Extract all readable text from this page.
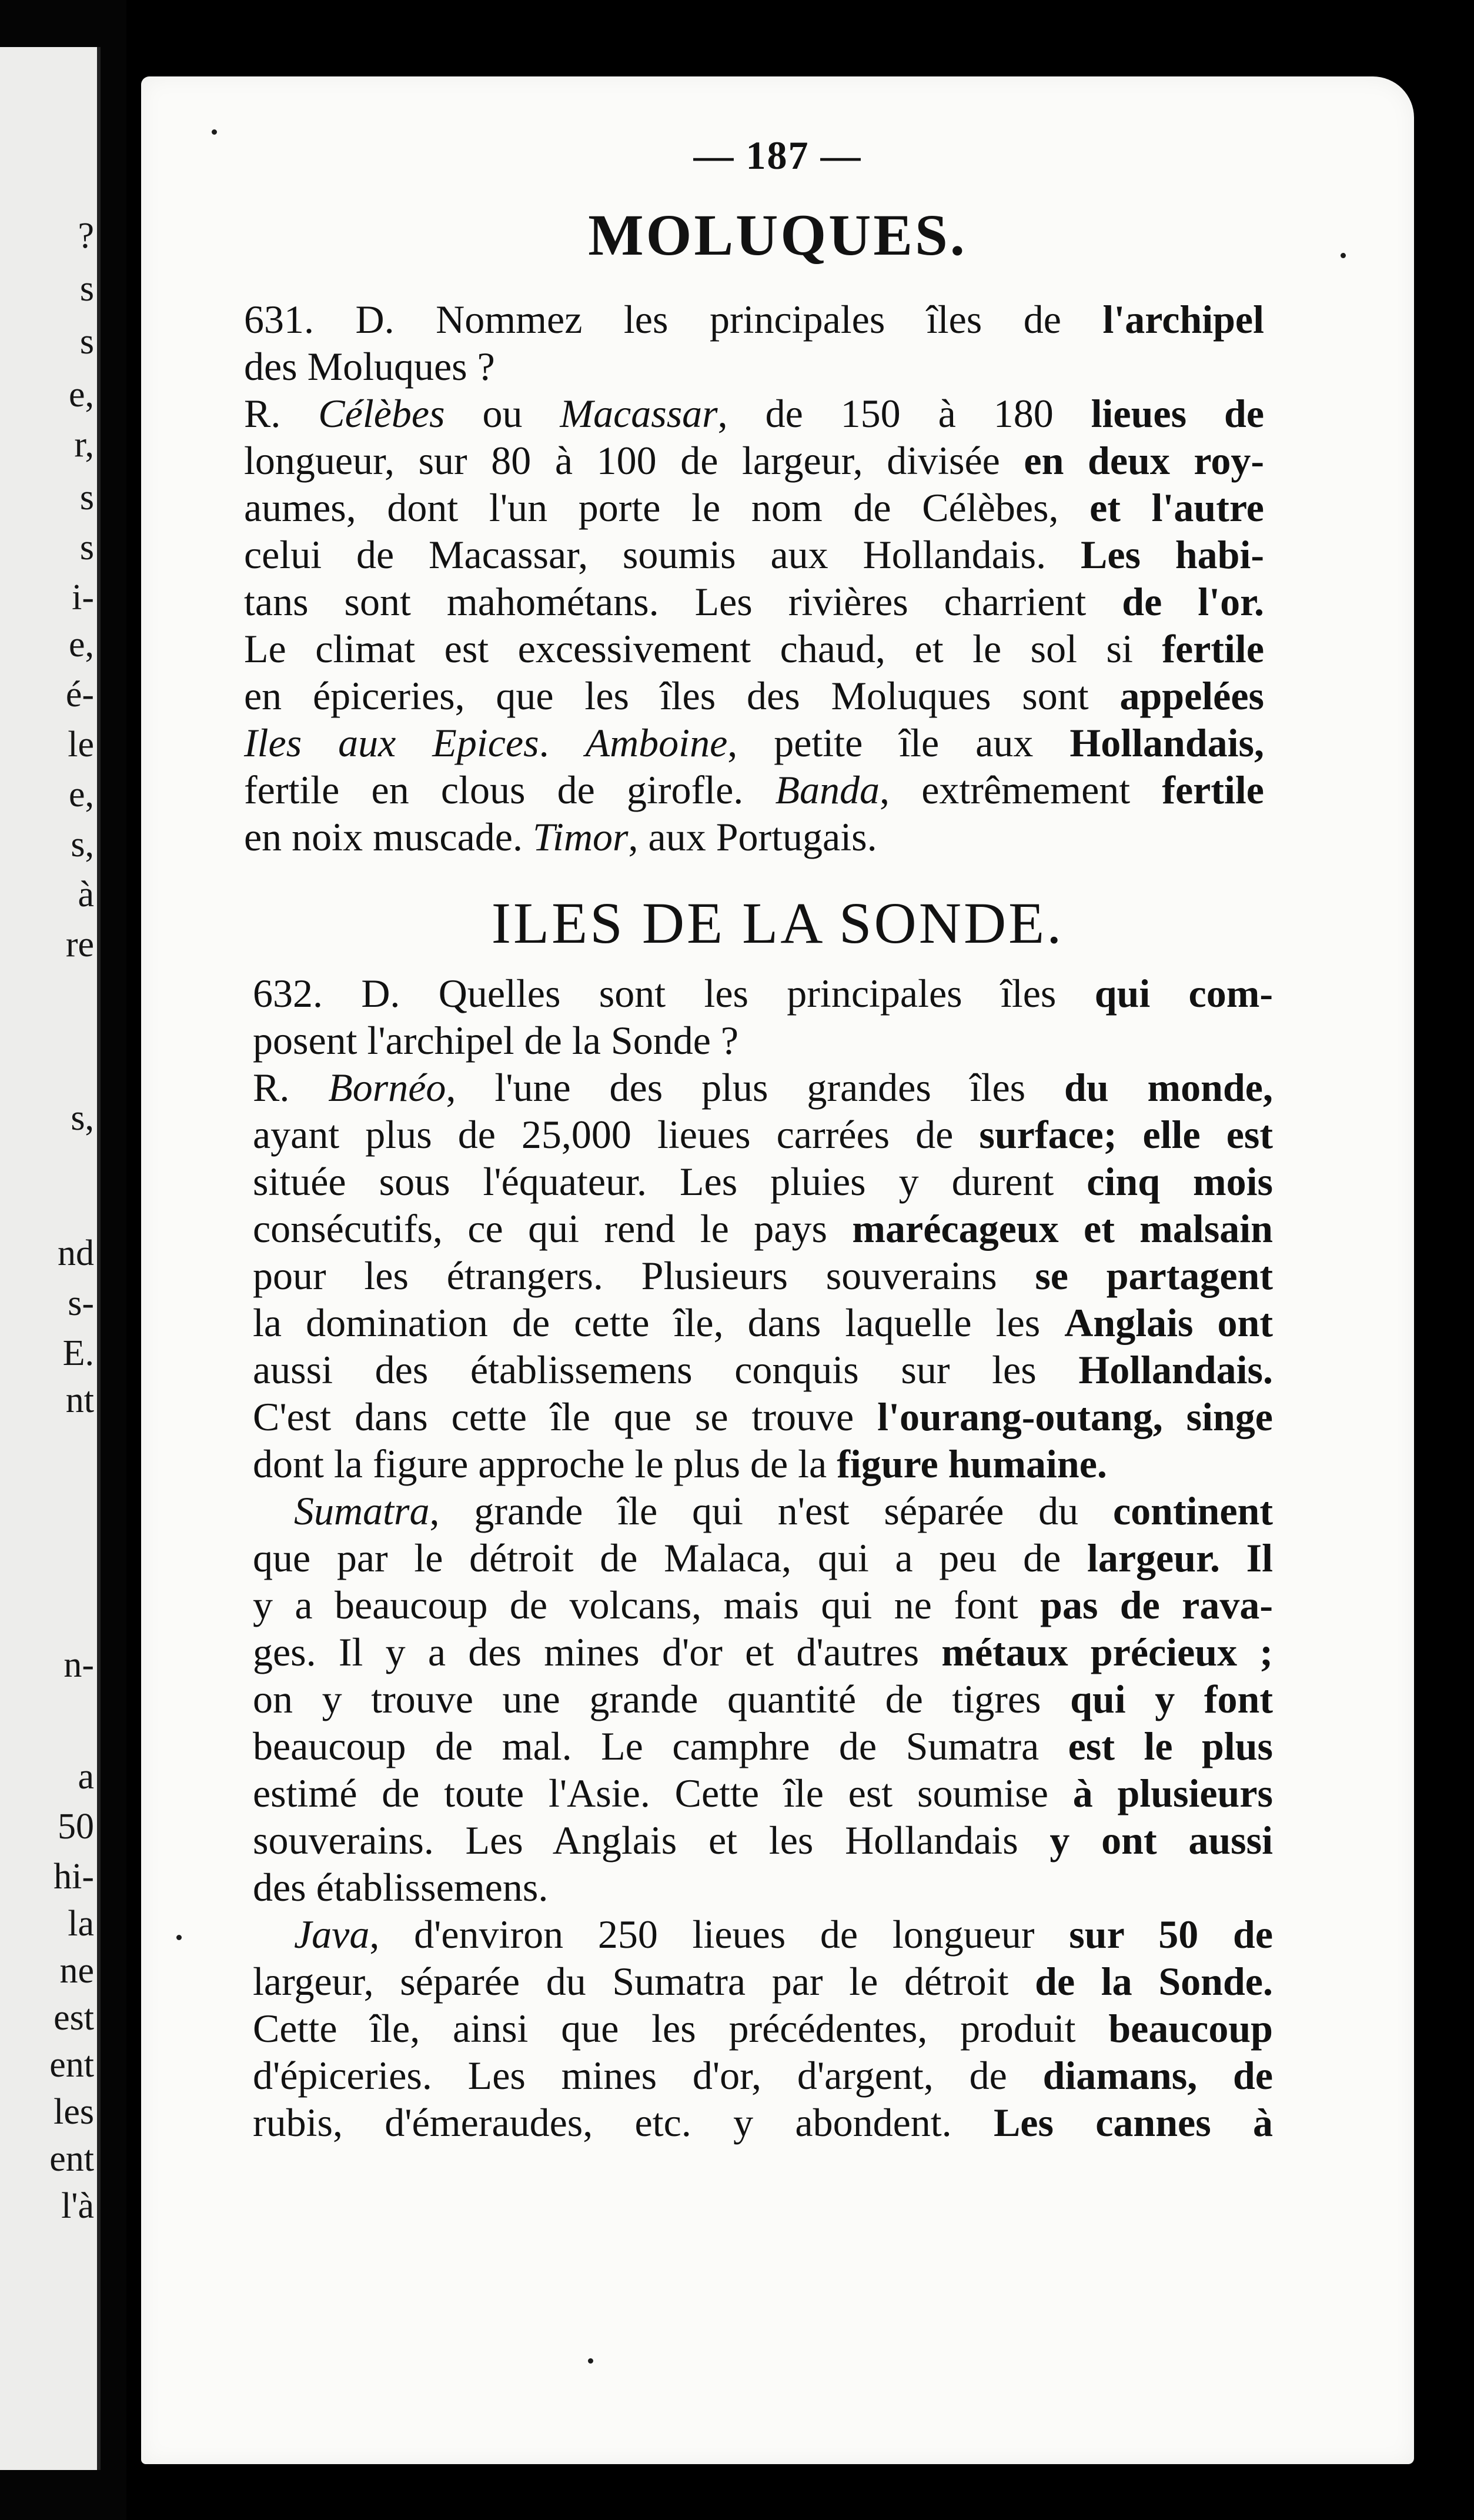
?
s
s
e,
r,
s
s
i-
e,
é-
le
e,
s,
à
re
s,
nd
s-
E.
nt
n-
a
50
hi-
la
ne
est
ent
les
ent
l'à
— 187 —
MOLUQUES.
631. D. Nommez les principales îles de l'archipel
des Moluques ?
R. Célèbes ou Macassar, de 150 à 180 lieues de
longueur, sur 80 à 100 de largeur, divisée en deux roy-
aumes, dont l'un porte le nom de Célèbes, et l'autre
celui de Macassar, soumis aux Hollandais. Les habi-
tans sont mahométans. Les rivières charrient de l'or.
Le climat est excessivement chaud, et le sol si fertile
en épiceries, que les îles des Moluques sont appelées
Iles aux Epices. Amboine, petite île aux Hollandais,
fertile en clous de girofle. Banda, extrêmement fertile
en noix muscade. Timor, aux Portugais.
ILES DE LA SONDE.
632. D. Quelles sont les principales îles qui com-
posent l'archipel de la Sonde ?
R. Bornéo, l'une des plus grandes îles du monde,
ayant plus de 25,000 lieues carrées de surface; elle est
située sous l'équateur. Les pluies y durent cinq mois
consécutifs, ce qui rend le pays marécageux et malsain
pour les étrangers. Plusieurs souverains se partagent
la domination de cette île, dans laquelle les Anglais ont
aussi des établissemens conquis sur les Hollandais.
C'est dans cette île que se trouve l'ourang-outang, singe
dont la figure approche le plus de la figure humaine.
Sumatra, grande île qui n'est séparée du continent
que par le détroit de Malaca, qui a peu de largeur. Il
y a beaucoup de volcans, mais qui ne font pas de rava-
ges. Il y a des mines d'or et d'autres métaux précieux ;
on y trouve une grande quantité de tigres qui y font
beaucoup de mal. Le camphre de Sumatra est le plus
estimé de toute l'Asie. Cette île est soumise à plusieurs
souverains. Les Anglais et les Hollandais y ont aussi
des établissemens.
Java, d'environ 250 lieues de longueur sur 50 de
largeur, séparée du Sumatra par le détroit de la Sonde.
Cette île, ainsi que les précédentes, produit beaucoup
d'épiceries. Les mines d'or, d'argent, de diamans, de
rubis, d'émeraudes, etc. y abondent. Les cannes à
